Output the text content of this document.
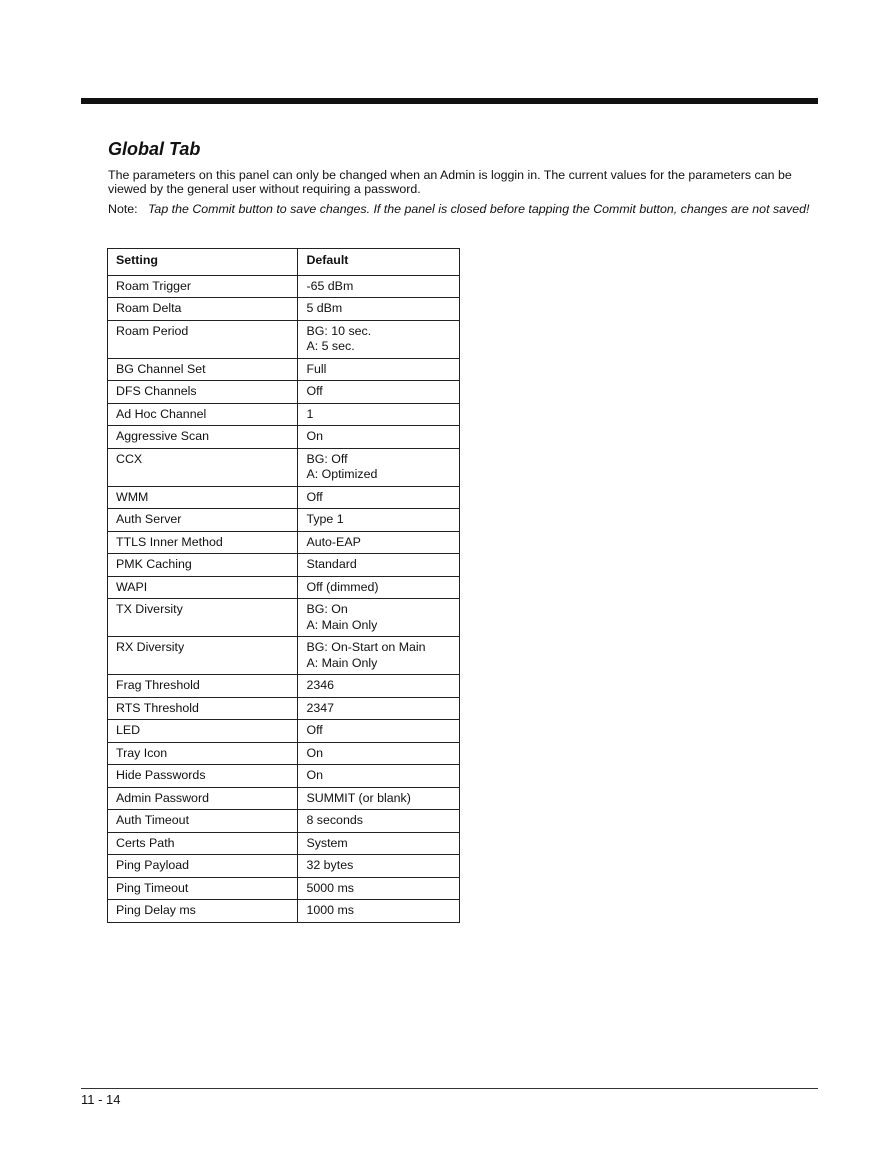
Global Tab

The parameters on this panel can only be changed when an Admin is loggin in. The current values for the parameters can be viewed by the general user without requiring a password.

Note: Tap the Commit button to save changes. If the panel is closed before tapping the Commit button, changes are not saved!
Setting	Default
Roam Trigger	-65 dBm

Roam Delta	5 dBm

Roam Period	BG: 10 sec.
A: 5 sec.

BG Channel Set	Full

DFS Channels	Off

Ad Hoc Channel	1

Aggressive Scan	On

CCX	BG: Off
A: Optimized

WMM	Off

Auth Server	Type 1

TTLS Inner Method	Auto-EAP

PMK Caching	Standard

WAPI	Off (dimmed)

TX Diversity	BG: On
A: Main Only

RX Diversity	BG: On-Start on Main
A: Main Only

Frag Threshold	2346

RTS Threshold	2347

LED	Off

Tray Icon	On

Hide Passwords	On

Admin Password	SUMMIT (or blank)

Auth Timeout	8 seconds

Certs Path	System

Ping Payload	32 bytes

Ping Timeout	5000 ms

Ping Delay ms	1000 ms
11 - 14
